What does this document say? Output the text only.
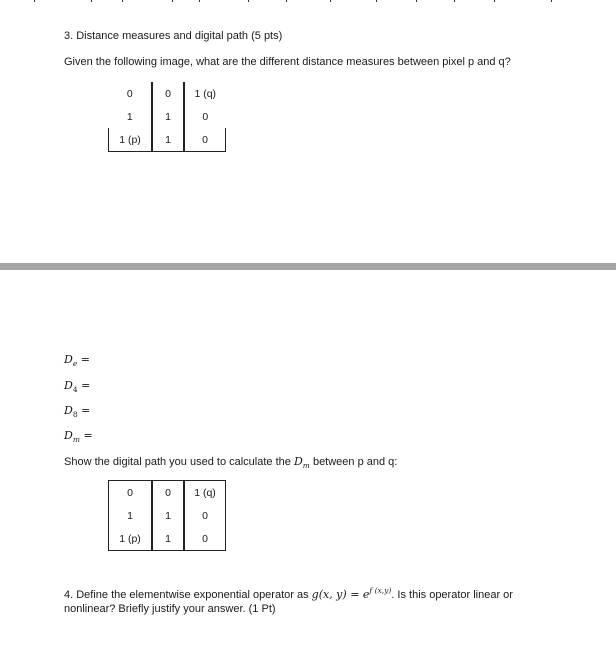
3. Distance measures and digital path (5 pts)
Given the following image, what are the different distance measures between pixel p and q?
0	0	1 (q)
1	1	0
1 (p)	1	0
$D_e$ =
$D_4$ =
$D_8$ =
$D_m$ =
Show the digital path you used to calculate the $D_m$ between p and q:
0	0	1 (q)
1	1	0
1 (p)	1	0
4. Define the elementwise exponential operator as g(x, $y) = e^{f (x,y)}$. Is this operator linear or
nonlinear? Briefly justify your answer. (1 Pt)
